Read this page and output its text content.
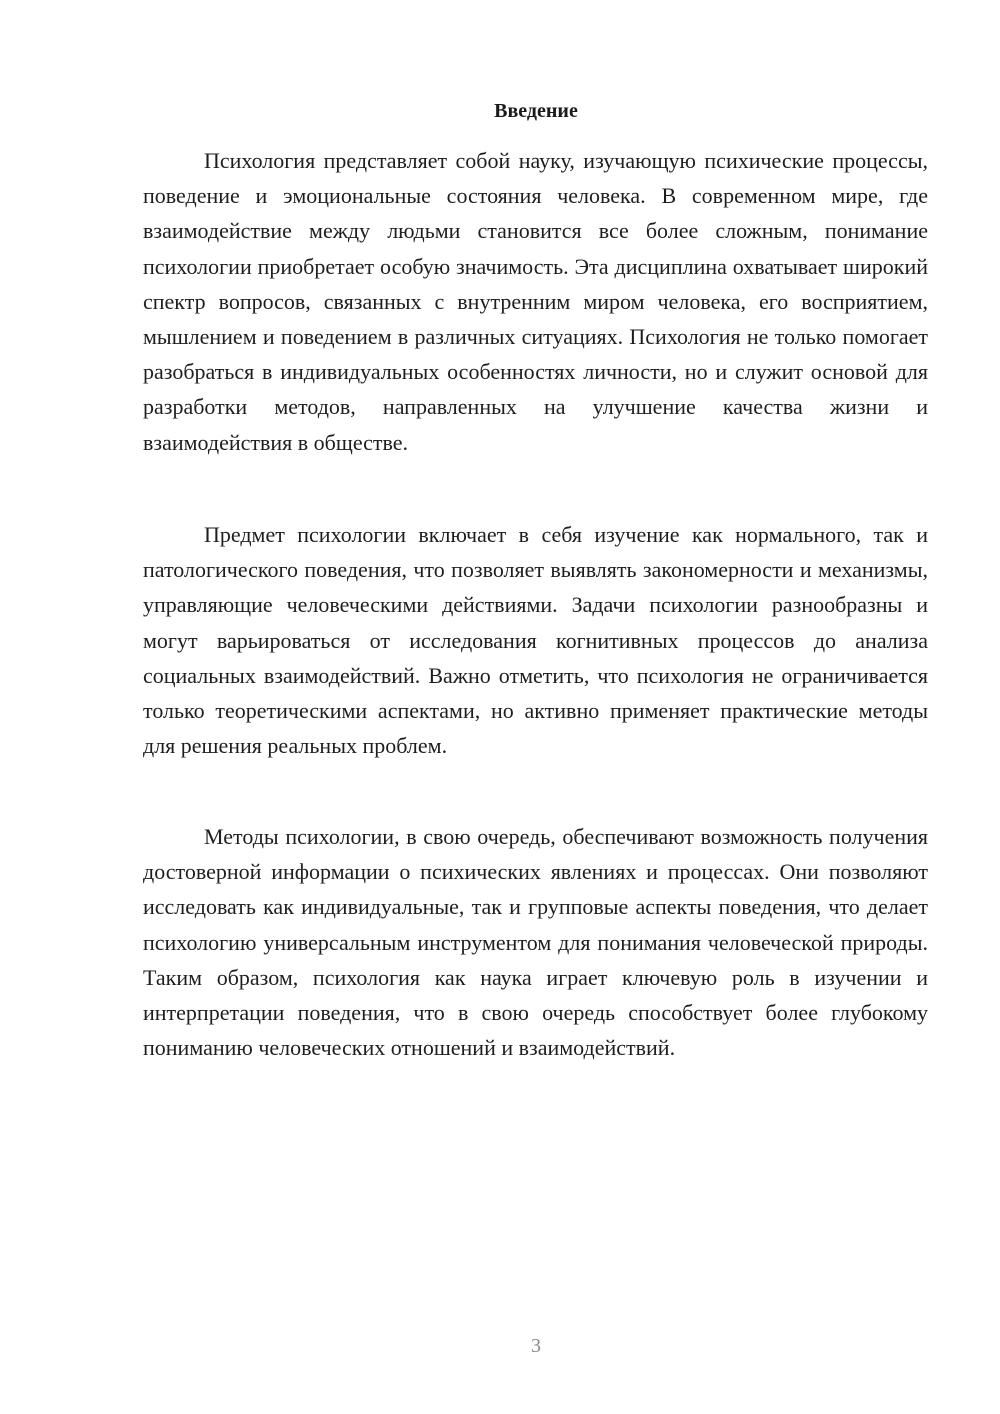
Введение

Психология представляет собой науку, изучающую психические процессы, поведение и эмоциональные состояния человека. В современном мире, где взаимодействие между людьми становится все более сложным, понимание психологии приобретает особую значимость. Эта дисциплина охватывает широкий спектр вопросов, связанных с внутренним миром человека, его восприятием, мышлением и поведением в различных ситуациях. Психология не только помогает разобраться в индивидуальных особенностях личности, но и служит основой для разработки методов, направленных на улучшение качества жизни и взаимодействия в обществе.

Предмет психологии включает в себя изучение как нормального, так и патологического поведения, что позволяет выявлять закономерности и механизмы, управляющие человеческими действиями. Задачи психологии разнообразны и могут варьироваться от исследования когнитивных процессов до анализа социальных взаимодействий. Важно отметить, что психология не ограничивается только теоретическими аспектами, но активно применяет практические методы для решения реальных проблем.

Методы психологии, в свою очередь, обеспечивают возможность получения достоверной информации о психических явлениях и процессах. Они позволяют исследовать как индивидуальные, так и групповые аспекты поведения, что делает психологию универсальным инструментом для понимания человеческой природы. Таким образом, психология как наука играет ключевую роль в изучении и интерпретации поведения, что в свою очередь способствует более глубокому пониманию человеческих отношений и взаимодействий.

3
